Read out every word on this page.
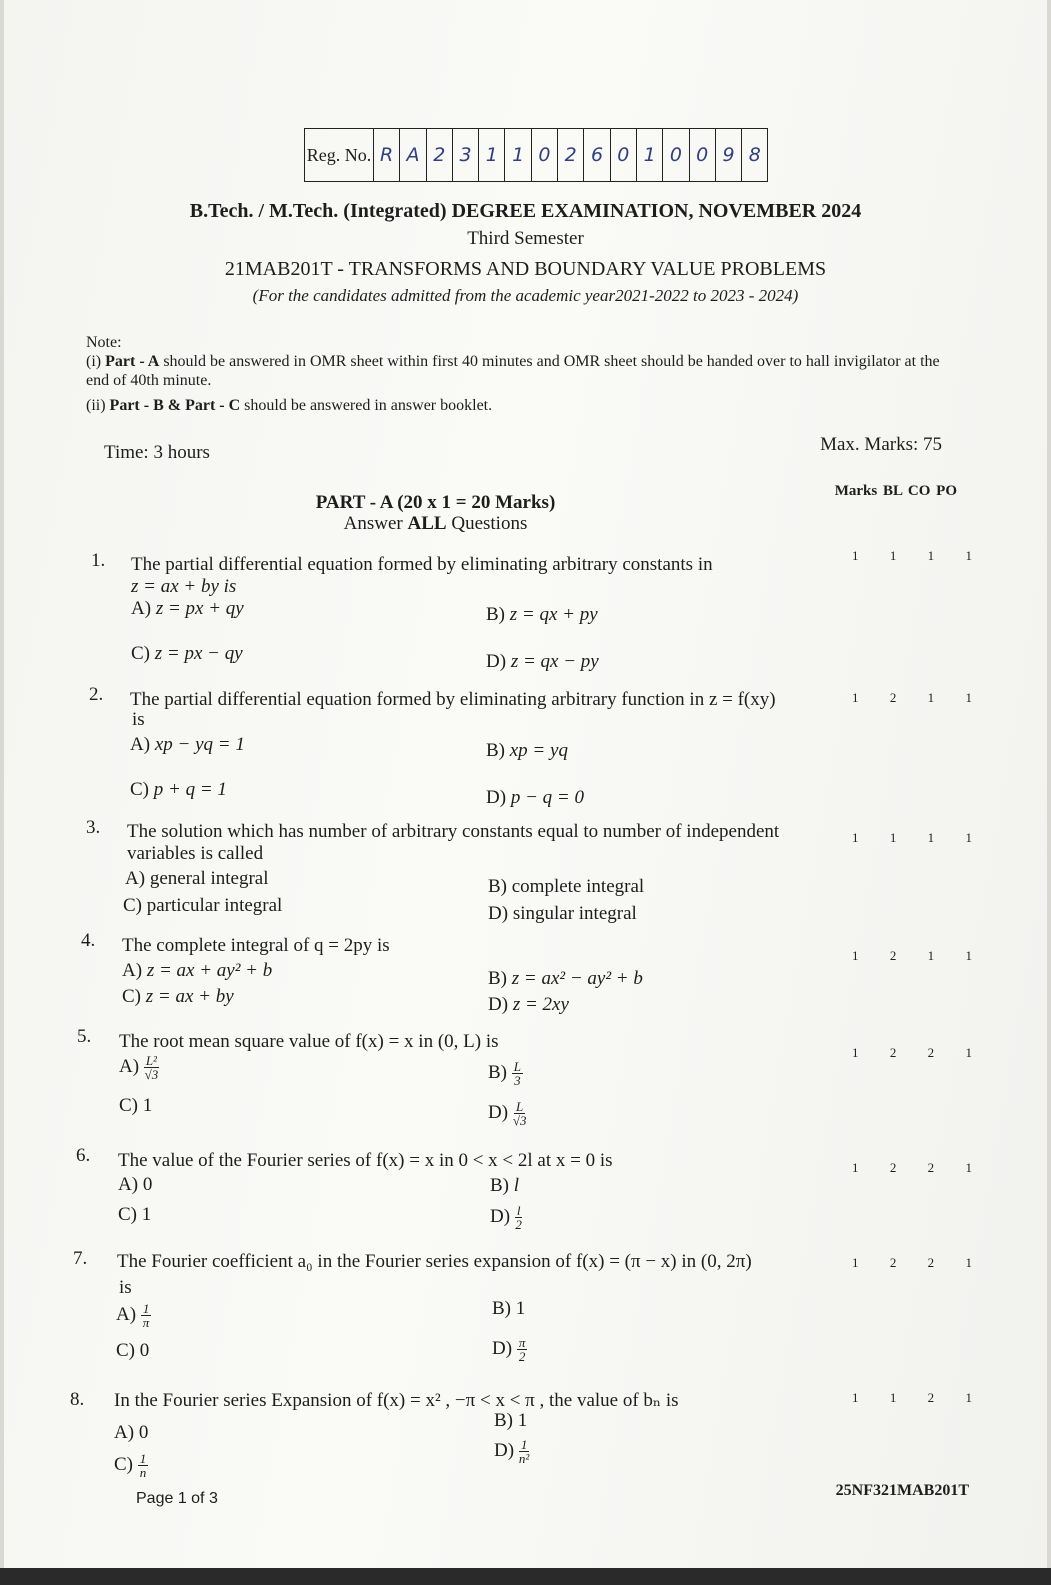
Reg. No. R A 2 3 1 1 0 2 6 0 1 0 0 9 8
B.Tech. / M.Tech. (Integrated) DEGREE EXAMINATION, NOVEMBER 2024
Third Semester
21MAB201T - TRANSFORMS AND BOUNDARY VALUE PROBLEMS
(For the candidates admitted from the academic year2021-2022 to 2023 - 2024)
Note:
(i) Part - A should be answered in OMR sheet within first 40 minutes and OMR sheet should be handed over to hall invigilator at the end of 40th minute.
(ii) Part - B & Part - C should be answered in answer booklet.
Time: 3 hours	Max. Marks: 75
Marks BL CO PO
PART - A (20 x 1 = 20 Marks)
Answer ALL Questions
1. The partial differential equation formed by eliminating arbitrary constants in
z = ax + by is
A) z = px + qy	B) z = qx + py
C) z = px − qy	D) z = qx − py
1 1 1 1
2. The partial differential equation formed by eliminating arbitrary function in z = f(xy)
is
A) xp − yq = 1	B) xp = yq
C) p + q = 1	D) p − q = 0
1 2 1 1
3. The solution which has number of arbitrary constants equal to number of independent
variables is called
A) general integral	B) complete integral
C) particular integral	D) singular integral
1 1 1 1
4. The complete integral of q = 2py is
A) z = ax + ay² + b	B) z = ax² − ay² + b
C) z = ax + by	D) z = 2xy
1 2 1 1
5. The root mean square value of f(x) = x in (0, L) is
$A) \frac{\text{L²}}{√3}$	$B) \frac{L}{3}$
C) 1	$D) \frac{L}{√3}$
1 2 2 1
6. The value of the Fourier series of f(x) = x in 0 < x < 2l at x = 0 is
A) 0	B) l
C) 1	$D) \frac{l}{2}$
1 2 2 1
7. The Fourier coefficient a₀ in the Fourier series expansion of f(x) = (π − x) in (0, 2π)
is
$A) \frac{1}{\pi}$	B) 1
C) 0	$D) \frac{\pi}{2}$
1 2 2 1
8. In the Fourier series Expansion of f(x) = x² , −π < x < π , the value of bₙ is
A) 0
B) 1
$C) \frac{1}{n}$
$D) \frac{1}{\text{n²}}$
1 1 2 1
Page 1 of 3	25NF321MAB201T
